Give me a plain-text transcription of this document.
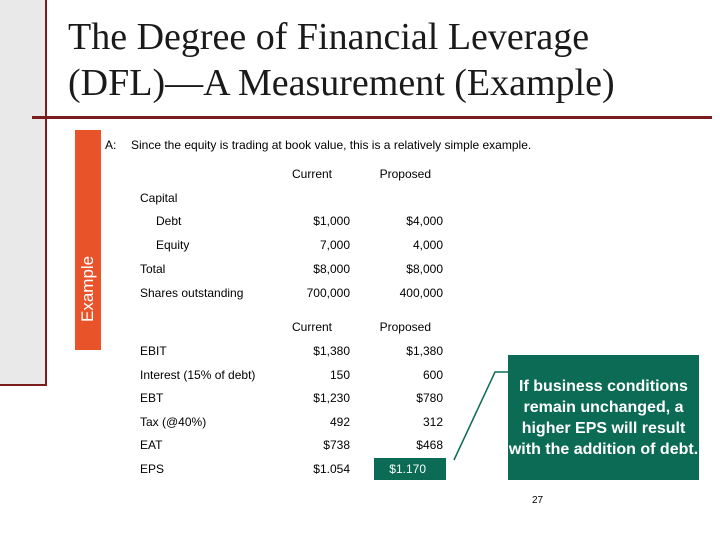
The Degree of Financial Leverage
(DFL)—A Measurement (Example)
Example
A: Since the equity is trading at book value, this is a relatively simple example.
Current	Proposed
Capital
Debt	$1,000	$4,000
Equity	7,000	4,000
Total	$8,000	$8,000
Shares outstanding	700,000	400,000
Current	Proposed
EBIT	$1,380	$1,380
Interest (15% of debt)	150	600
EBT	$1,230	$780
Tax (@40%)	492	312
EAT	$738	$468
EPS	$1.054	$1.170
If business conditions remain unchanged, a higher EPS will result with the addition of debt.
27
